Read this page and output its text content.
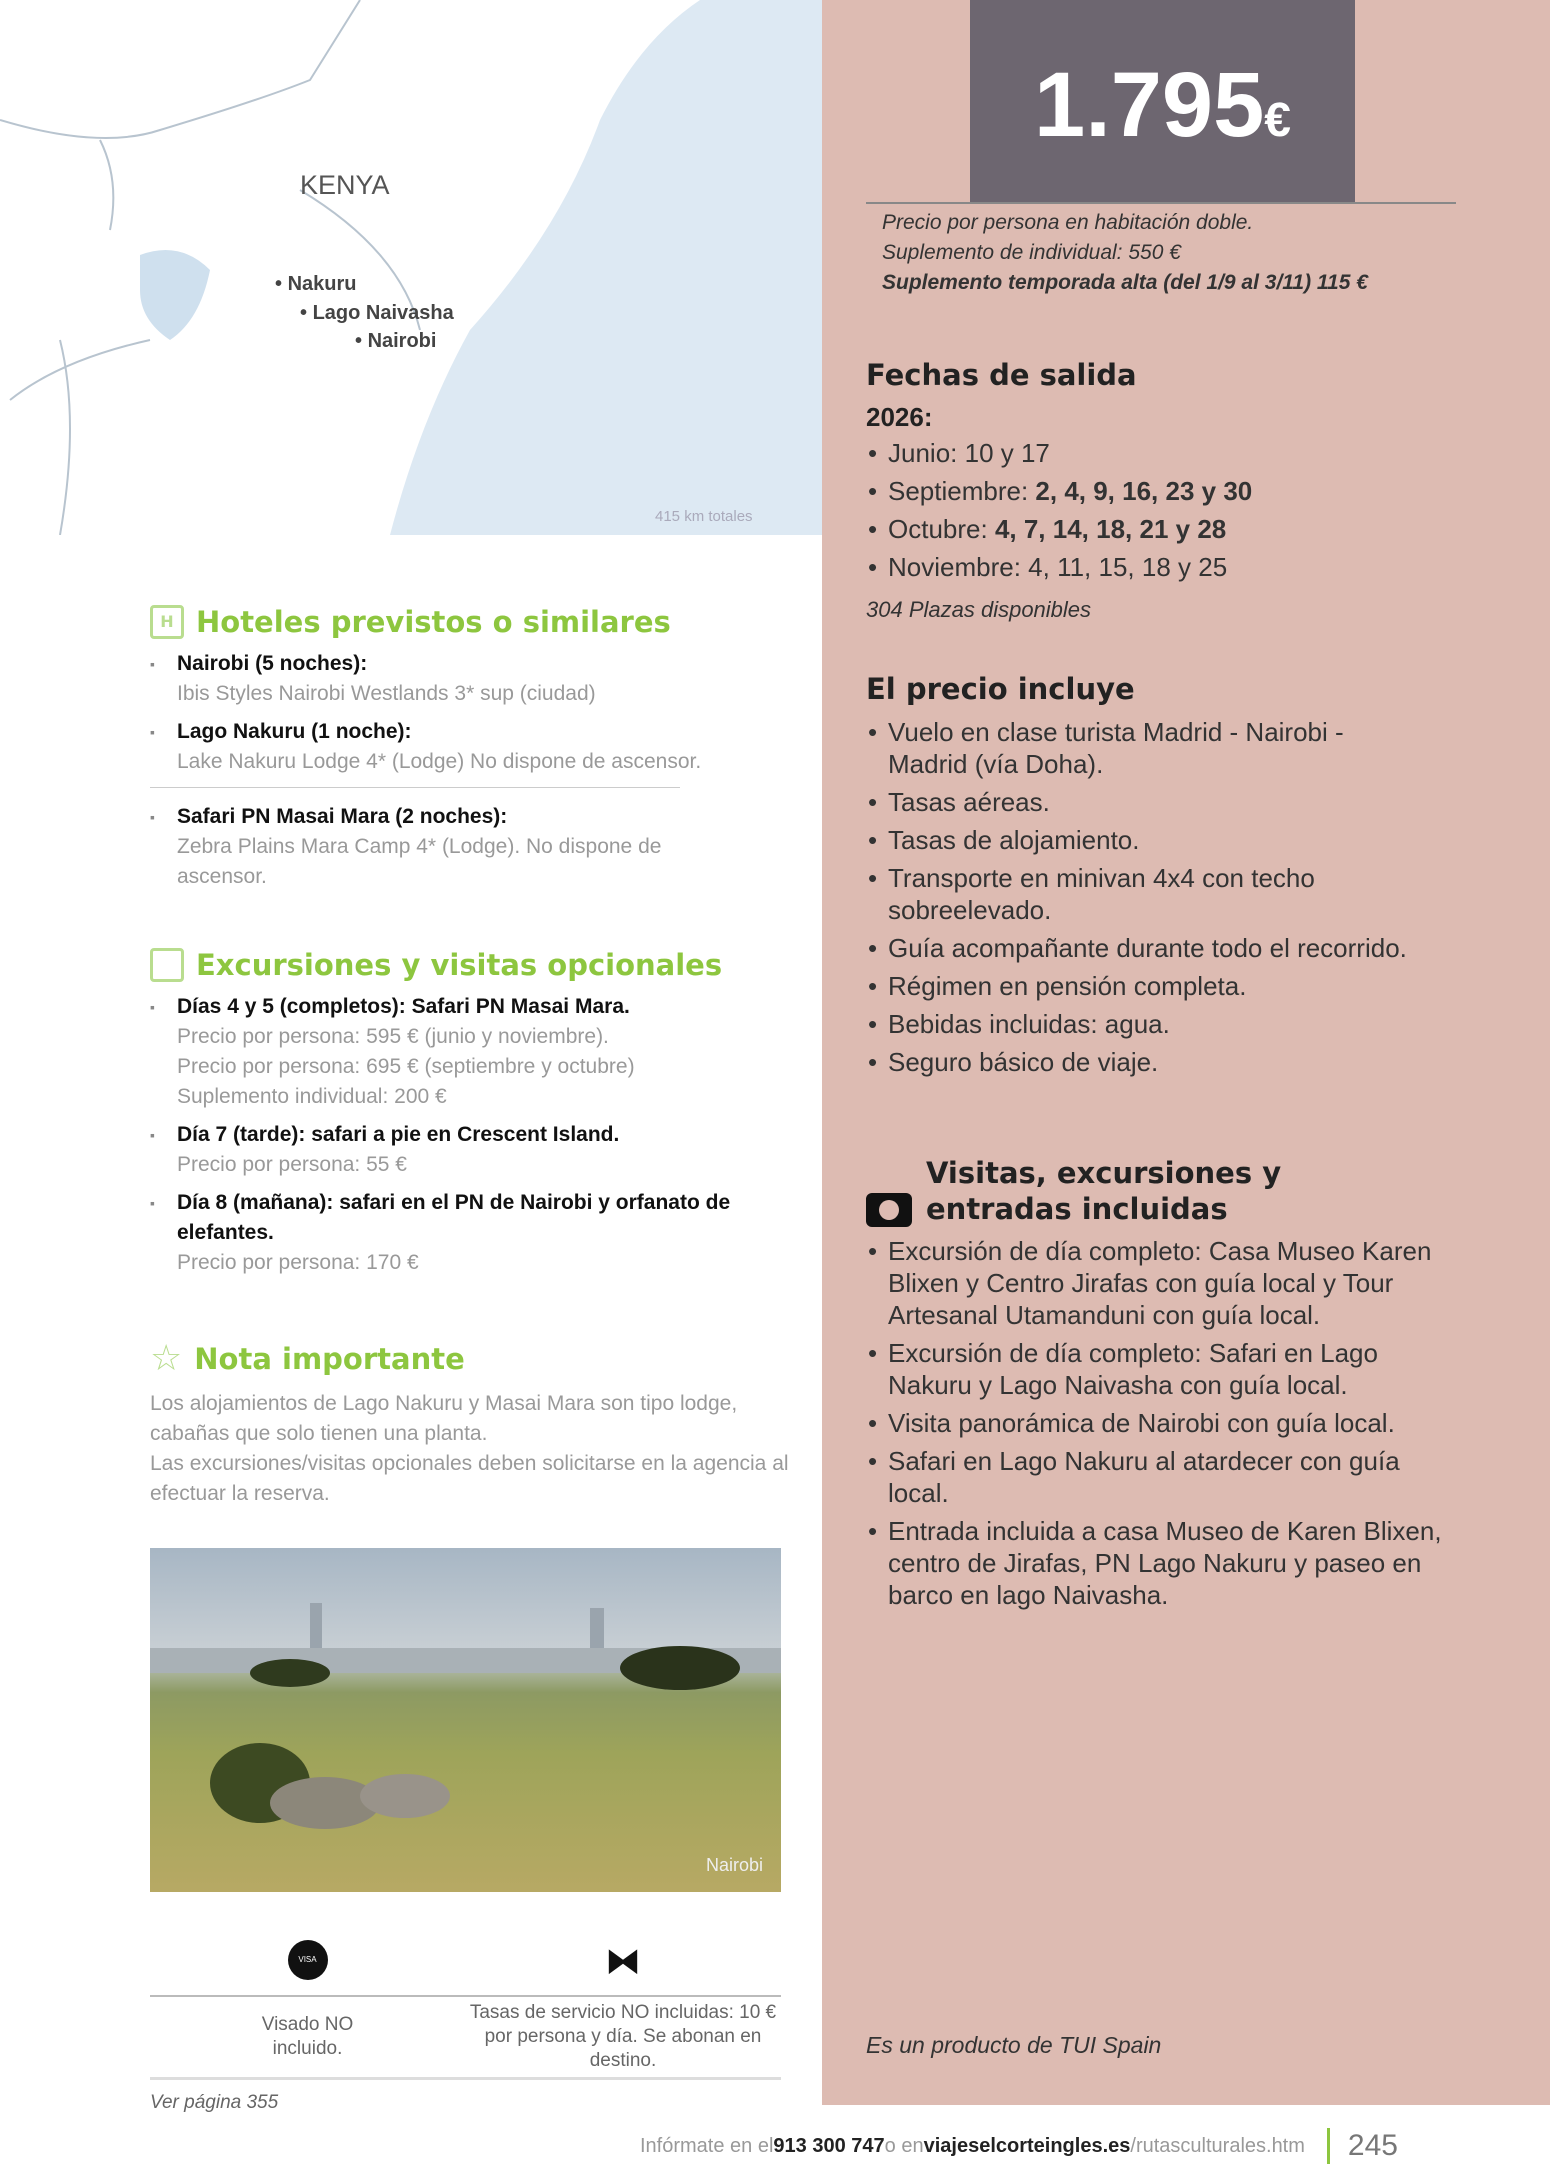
KENYA
• Nakuru
• Lago Naivasha
• Nairobi
415 km totales
1.795€
Precio por persona en habitación doble.
Suplemento de individual: 550 €
Suplemento temporada alta (del 1/9 al 3/11) 115 €
Fechas de salida
2026:
• Junio: 10 y 17
• Septiembre: 2, 4, 9, 16, 23 y 30
• Octubre: 4, 7, 14, 18, 21 y 28
• Noviembre: 4, 11, 15, 18 y 25
304 Plazas disponibles
El precio incluye
• Vuelo en clase turista Madrid - Nairobi - Madrid (vía Doha).
• Tasas aéreas.
• Tasas de alojamiento.
• Transporte en minivan 4x4 con techo sobreelevado.
• Guía acompañante durante todo el recorrido.
• Régimen en pensión completa.
• Bebidas incluidas: agua.
• Seguro básico de viaje.
Visitas, excursiones y entradas incluidas
• Excursión de día completo: Casa Museo Karen Blixen y Centro Jirafas con guía local y Tour Artesanal Utamanduni con guía local.
• Excursión de día completo: Safari en Lago Nakuru y Lago Naivasha con guía local.
• Visita panorámica de Nairobi con guía local.
• Safari en Lago Nakuru al atardecer con guía local.
• Entrada incluida a casa Museo de Karen Blixen, centro de Jirafas, PN Lago Nakuru y paseo en barco en lago Naivasha.
Es un producto de TUI Spain
H Hoteles previstos o similares
▪ Nairobi (5 noches):
Ibis Styles Nairobi Westlands 3* sup (ciudad)
▪ Lago Nakuru (1 noche):
Lake Nakuru Lodge 4* (Lodge) No dispone de ascensor.
▪ Safari PN Masai Mara (2 noches):
Zebra Plains Mara Camp 4* (Lodge). No dispone de ascensor.
Excursiones y visitas opcionales
▪ Días 4 y 5 (completos): Safari PN Masai Mara.
Precio por persona: 595 € (junio y noviembre).
Precio por persona: 695 € (septiembre y octubre)
Suplemento individual: 200 €
▪ Día 7 (tarde): safari a pie en Crescent Island.
Precio por persona: 55 €
▪ Día 8 (mañana): safari en el PN de Nairobi y orfanato de elefantes.
Precio por persona: 170 €
☆ Nota importante
Los alojamientos de Lago Nakuru y Masai Mara son tipo lodge, cabañas que solo tienen una planta.
Las excursiones/visitas opcionales deben solicitarse en la agencia al efectuar la reserva.
Nairobi
VISA	⧓
Visado NO incluido.
Tasas de servicio NO incluidas: 10 € por persona y día. Se abonan en destino.
Ver página 355
Infórmate en el 913 300 747 o en viajeselcorteingles.es /rutasculturales.htm 245
